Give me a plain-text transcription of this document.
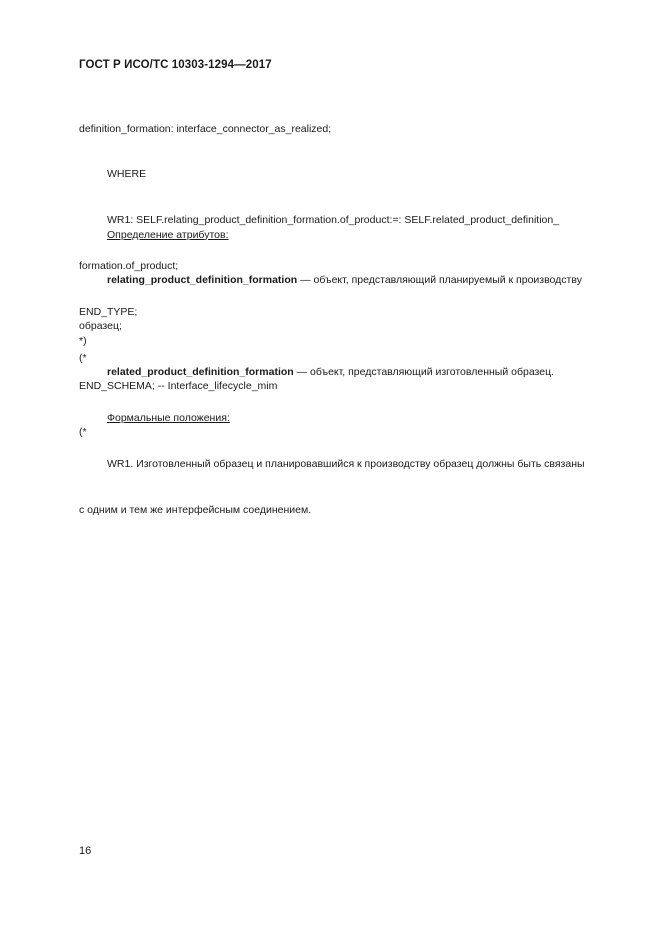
ГОСТ Р ИСО/ТС 10303-1294—2017

definition_formation: interface_connector_as_realized;

WHERE

WR1: SELF.relating_product_definition_formation.of_product:=: SELF.related_product_definition_

formation.of_product;

END_TYPE;

(*

Определение атрибутов:

relating_product_definition_formation — объект, представляющий планируемый к производству

образец;

related_product_definition_formation — объект, представляющий изготовленный образец.

Формальные положения:

WR1. Изготовленный образец и планировавшийся к производству образец должны быть связаны

с одним и тем же интерфейсным соединением.

*)

END_SCHEMA; -- Interface_lifecycle_mim

(*

16
